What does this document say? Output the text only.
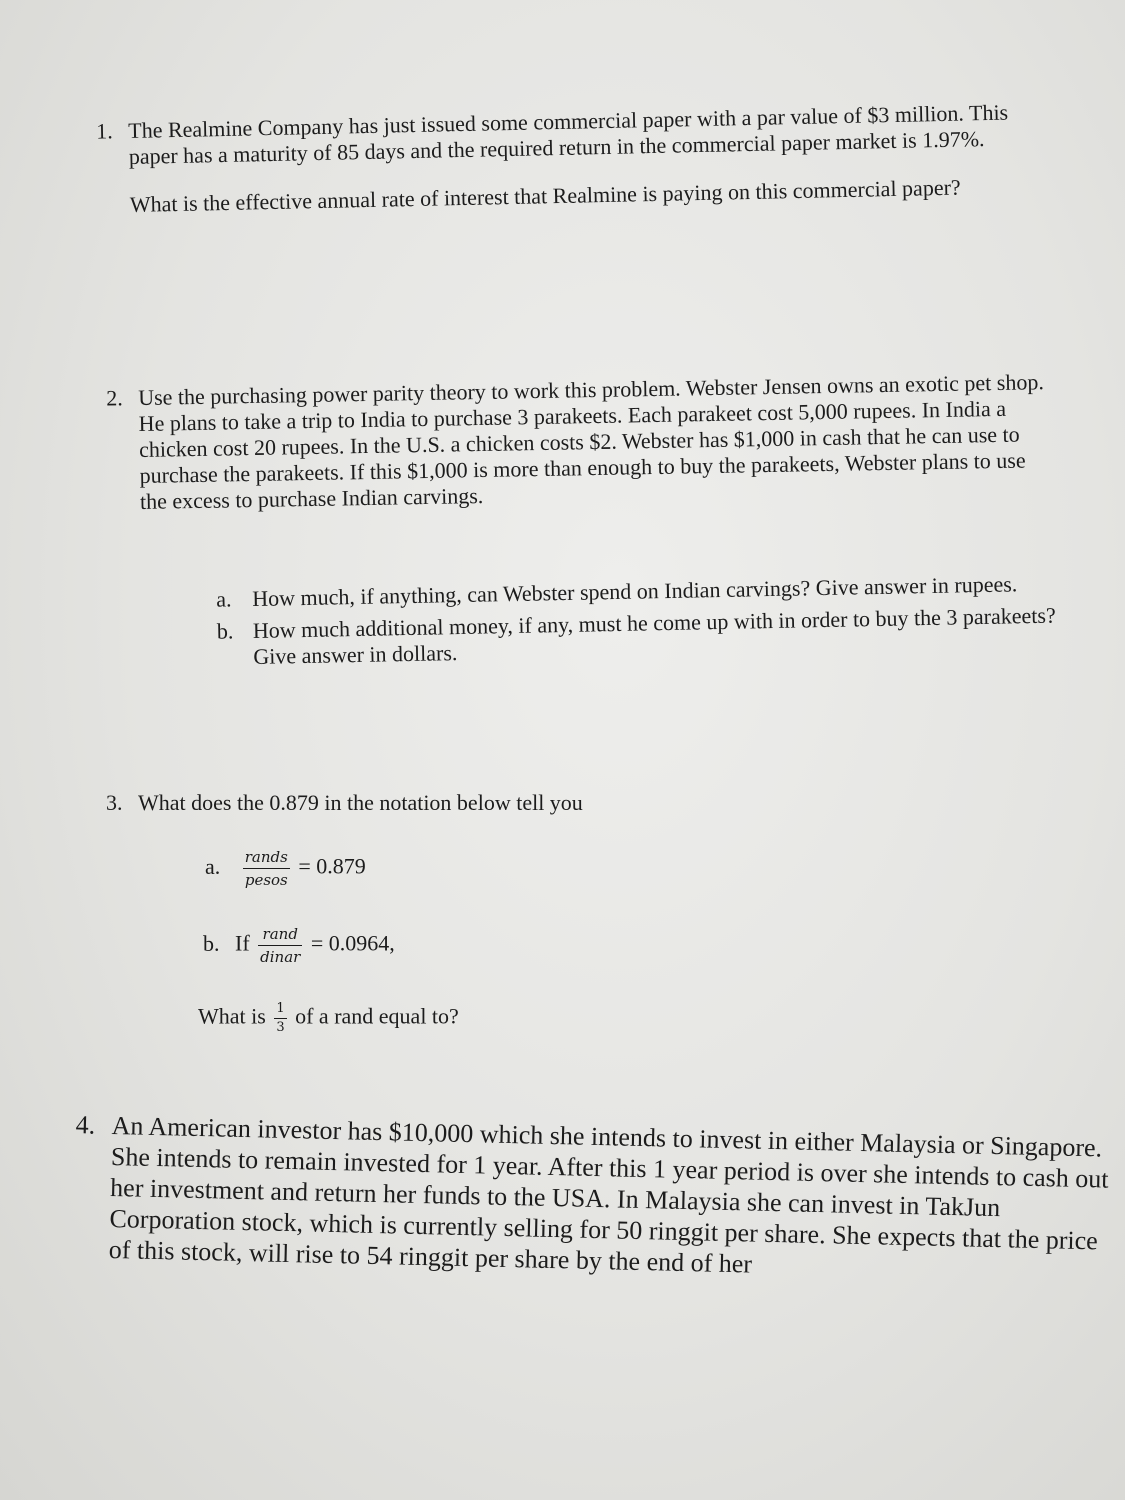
1. The Realmine Company has just issued some commercial paper with a par value of $3 million. This paper has a maturity of 85 days and the required return in the commercial paper market is 1.97%.

What is the effective annual rate of interest that Realmine is paying on this commercial paper?

2. Use the purchasing power parity theory to work this problem. Webster Jensen owns an exotic pet shop. He plans to take a trip to India to purchase 3 parakeets. Each parakeet cost 5,000 rupees. In India a chicken cost 20 rupees. In the U.S. a chicken costs $2. Webster has $1,000 in cash that he can use to purchase the parakeets. If this $1,000 is more than enough to buy the parakeets, Webster plans to use the excess to purchase Indian carvings.

a. How much, if anything, can Webster spend on Indian carvings? Give answer in rupees.
b. How much additional money, if any, must he come up with in order to buy the 3 parakeets? Give answer in dollars.
3. What does the 0.879 in the notation below tell you

a. $\frac{\text{rands}}{\text{pesos}} = 0.879$
b. If $\frac{\text{rand}}{\text{dinar}} = 0.0964$,
What is $\frac{1}{3}$ of a rand equal to?
4. An American investor has $10,000 which she intends to invest in either Malaysia or Singapore. She intends to remain invested for 1 year. After this 1 year period is over she intends to cash out her investment and return her funds to the USA. In Malaysia she can invest in TakJun Corporation stock, which is currently selling for 50 ringgit per share. She expects that the price of this stock, will rise to 54 ringgit per share by the end of her
